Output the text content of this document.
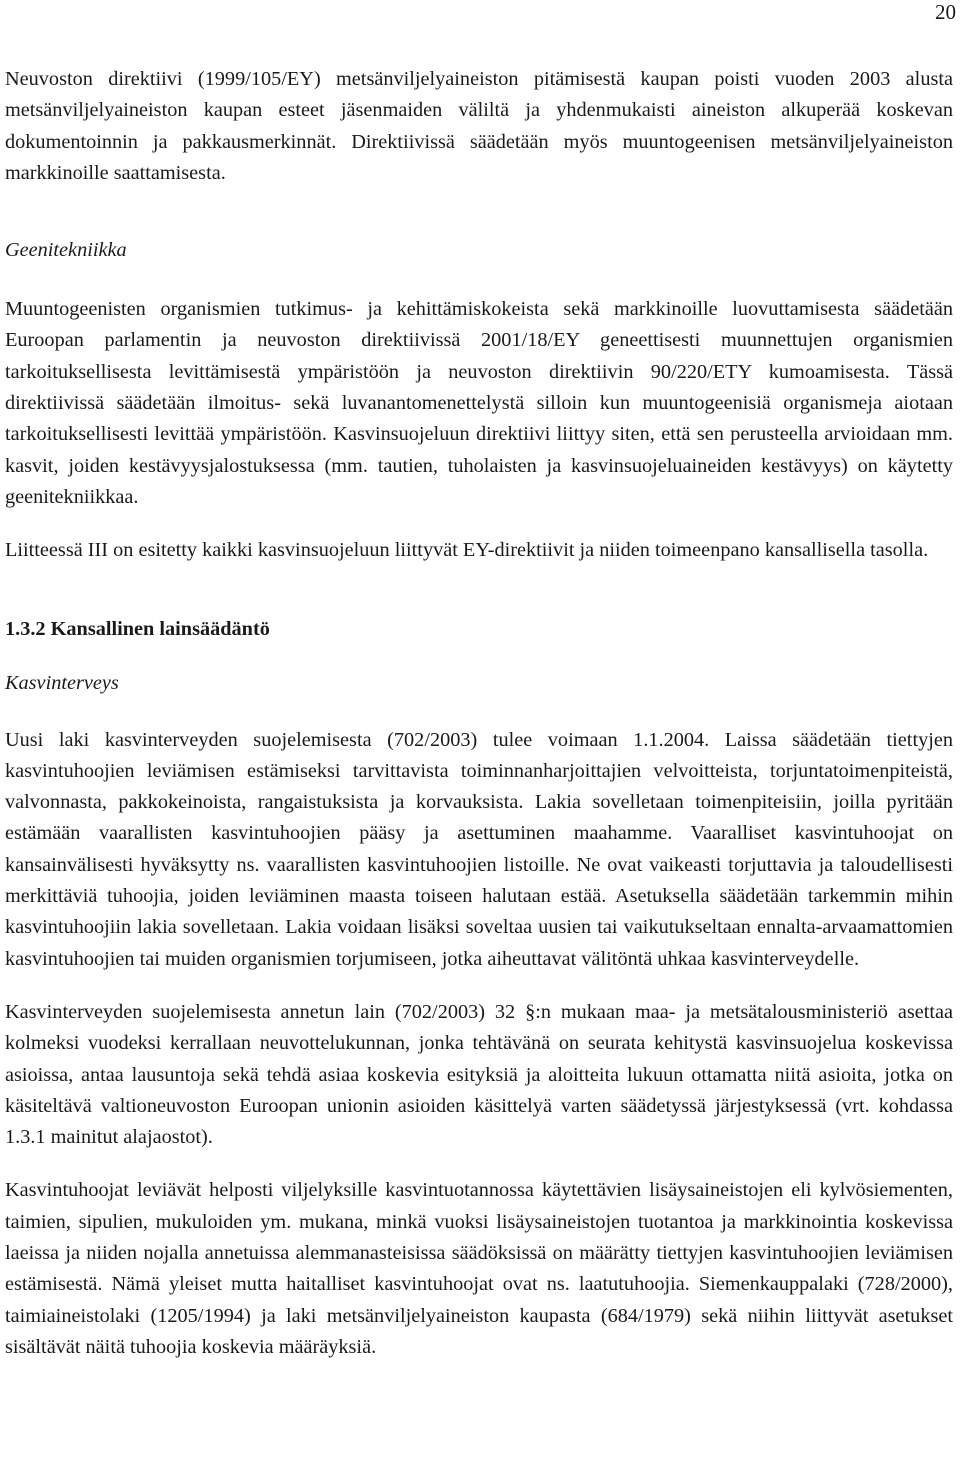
20

Neuvoston direktiivi (1999/105/EY) metsänviljelyaineiston pitämisestä kaupan poisti vuoden 2003 alusta metsänviljelyaineiston kaupan esteet jäsenmaiden väliltä ja yhdenmukaisti aineiston alkuperää koskevan dokumentoinnin ja pakkausmerkinnät. Direktiivissä säädetään myös muuntogeenisen metsänviljelyaineiston markkinoille saattamisesta.

Geenitekniikka

Muuntogeenisten organismien tutkimus- ja kehittämiskokeista sekä markkinoille luovuttamisesta säädetään Euroopan parlamentin ja neuvoston direktiivissä 2001/18/EY geneettisesti muunnettujen organismien tarkoituksellisesta levittämisestä ympäristöön ja neuvoston direktiivin 90/220/ETY kumoamisesta. Tässä direktiivissä säädetään ilmoitus- sekä luvanantomenettelystä silloin kun muuntogeenisiä organismeja aiotaan tarkoituksellisesti levittää ympäristöön. Kasvinsuojeluun direktiivi liittyy siten, että sen perusteella arvioidaan mm. kasvit, joiden kestävyysjalostuksessa (mm. tautien, tuholaisten ja kasvinsuojeluaineiden kestävyys) on käytetty geenitekniikkaa.

Liitteessä III on esitetty kaikki kasvinsuojeluun liittyvät EY-direktiivit ja niiden toimeenpano kansallisella tasolla.

1.3.2 Kansallinen lainsäädäntö
Kasvinterveys

Uusi laki kasvinterveyden suojelemisesta (702/2003) tulee voimaan 1.1.2004. Laissa säädetään tiettyjen kasvintuhoojien leviämisen estämiseksi tarvittavista toiminnanharjoittajien velvoitteista, torjuntatoimenpiteistä, valvonnasta, pakkokeinoista, rangaistuksista ja korvauksista. Lakia sovelletaan toimenpiteisiin, joilla pyritään estämään vaarallisten kasvintuhoojien pääsy ja asettuminen maahamme. Vaaralliset kasvintuhoojat on kansainvälisesti hyväksytty ns. vaarallisten kasvintuhoojien listoille. Ne ovat vaikeasti torjuttavia ja taloudellisesti merkittäviä tuhoojia, joiden leviäminen maasta toiseen halutaan estää. Asetuksella säädetään tarkemmin mihin kasvintuhoojiin lakia sovelletaan. Lakia voidaan lisäksi soveltaa uusien tai vaikutukseltaan ennalta-arvaamattomien kasvintuhoojien tai muiden organismien torjumiseen, jotka aiheuttavat välitöntä uhkaa kasvinterveydelle.

Kasvinterveyden suojelemisesta annetun lain (702/2003) 32 §:n mukaan maa- ja metsätalousministeriö asettaa kolmeksi vuodeksi kerrallaan neuvottelukunnan, jonka tehtävänä on seurata kehitystä kasvinsuojelua koskevissa asioissa, antaa lausuntoja sekä tehdä asiaa koskevia esityksiä ja aloitteita lukuun ottamatta niitä asioita, jotka on käsiteltävä valtioneuvoston Euroopan unionin asioiden käsittelyä varten säädetyssä järjestyksessä (vrt. kohdassa 1.3.1 mainitut alajaostot).

Kasvintuhoojat leviävät helposti viljelyksille kasvintuotannossa käytettävien lisäysaineistojen eli kylvösiementen, taimien, sipulien, mukuloiden ym. mukana, minkä vuoksi lisäysaineistojen tuotantoa ja markkinointia koskevissa laeissa ja niiden nojalla annetuissa alemmanasteisissa säädöksissä on määrätty tiettyjen kasvintuhoojien leviämisen estämisestä. Nämä yleiset mutta haitalliset kasvintuhoojat ovat ns. laatutuhoojia. Siemenkauppalaki (728/2000), taimiaineistolaki (1205/1994) ja laki metsänviljelyaineiston kaupasta (684/1979) sekä niihin liittyvät asetukset sisältävät näitä tuhoojia koskevia määräyksiä.
